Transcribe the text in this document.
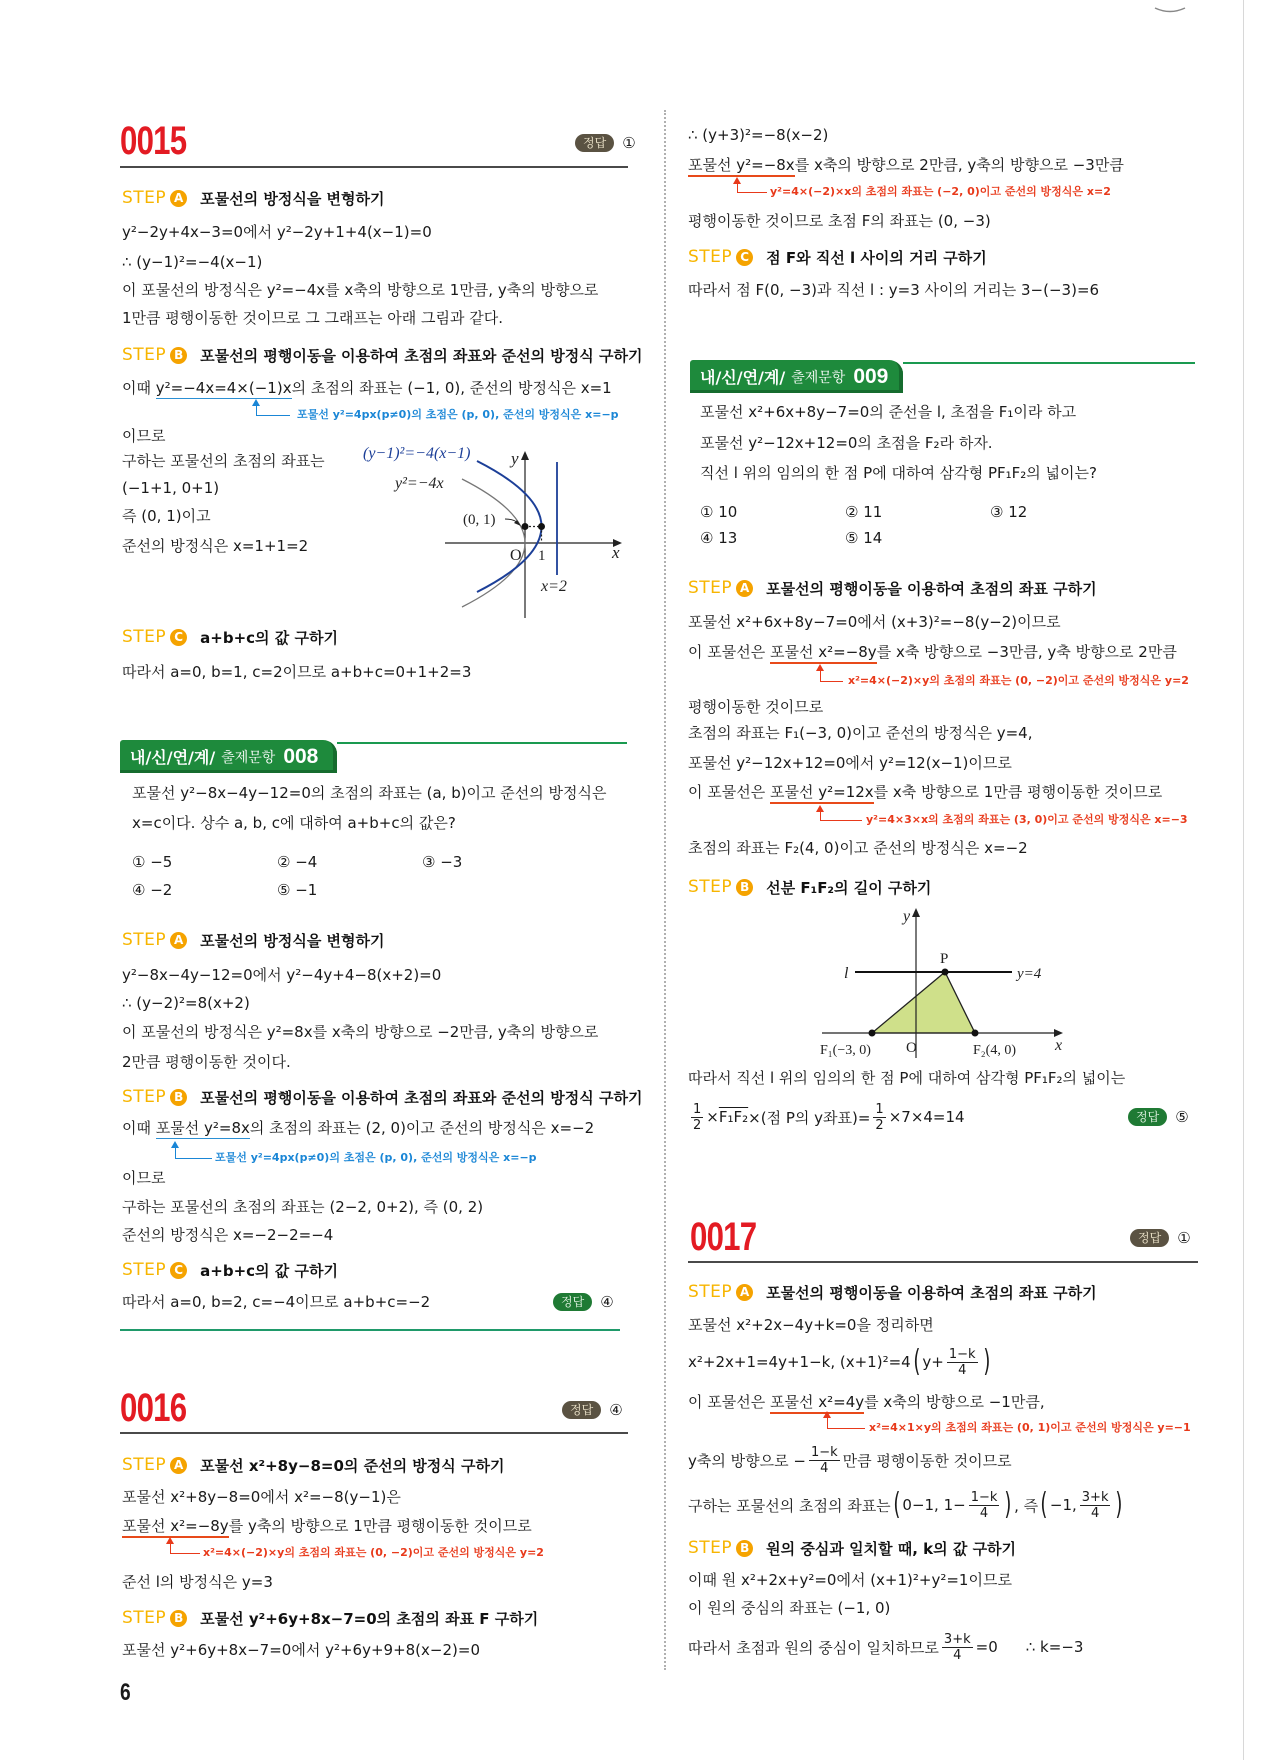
0015	정답	①
STEP A 포물선의 방정식을 변형하기
y²−2y+4x−3=0에서 y²−2y+1+4(x−1)=0
∴ (y−1)²=−4(x−1)
이 포물선의 방정식은 y²=−4x를 x축의 방향으로 1만큼, y축의 방향으로
1만큼 평행이동한 것이므로 그 그래프는 아래 그림과 같다.
STEP B 포물선의 평행이동을 이용하여 초점의 좌표와 준선의 방정식 구하기
이때 y²=−4x=4×(−1)x의 초점의 좌표는 (−1, 0), 준선의 방정식은 x=1
포물선 y²=4px(p≠0)의 초점은 (p, 0), 준선의 방정식은 x=−p
이므로
구하는 포물선의 초점의 좌표는
(−1+1, 0+1)
즉 (0, 1)이고
준선의 방정식은 x=1+1=2
(y−1)²=−4(x−1)
y²=−4x
(0, 1)
O 1	x
y
x=2
STEP C a+b+c의 값 구하기
따라서 a=0, b=1, c=2이므로 a+b+c=0+1+2=3
내/신/연/계/ 출제문항 008
포물선 y²−8x−4y−12=0의 초점의 좌표는 (a, b)이고 준선의 방정식은
x=c이다. 상수 a, b, c에 대하여 a+b+c의 값은?
① −5	② −4	③ −3
④ −2	⑤ −1
STEP A 포물선의 방정식을 변형하기
y²−8x−4y−12=0에서 y²−4y+4−8(x+2)=0
∴ (y−2)²=8(x+2)
이 포물선의 방정식은 y²=8x를 x축의 방향으로 −2만큼, y축의 방향으로
2만큼 평행이동한 것이다.
STEP B 포물선의 평행이동을 이용하여 초점의 좌표와 준선의 방정식 구하기
이때 포물선 y²=8x의 초점의 좌표는 (2, 0)이고 준선의 방정식은 x=−2
포물선 y²=4px(p≠0)의 초점은 (p, 0), 준선의 방정식은 x=−p
이므로
구하는 포물선의 초점의 좌표는 (2−2, 0+2), 즉 (0, 2)
준선의 방정식은 x=−2−2=−4
STEP C a+b+c의 값 구하기
따라서 a=0, b=2, c=−4이므로 a+b+c=−2	정답	④
0016	정답	④
STEP A 포물선 x²+8y−8=0의 준선의 방정식 구하기
포물선 x²+8y−8=0에서 x²=−8(y−1)은
포물선 x²=−8y를 y축의 방향으로 1만큼 평행이동한 것이므로
x²=4×(−2)×y의 초점의 좌표는 (0, −2)이고 준선의 방정식은 y=2
준선 l의 방정식은 y=3
STEP B 포물선 y²+6y+8x−7=0의 초점의 좌표 F 구하기
포물선 y²+6y+8x−7=0에서 y²+6y+9+8(x−2)=0
∴ (y+3)²=−8(x−2)
포물선 y²=−8x를 x축의 방향으로 2만큼, y축의 방향으로 −3만큼
y²=4×(−2)×x의 초점의 좌표는 (−2, 0)이고 준선의 방정식은 x=2
평행이동한 것이므로 초점 F의 좌표는 (0, −3)
STEP C 점 F와 직선 l 사이의 거리 구하기
따라서 점 F(0, −3)과 직선 l : y=3 사이의 거리는 3−(−3)=6
6
내/신/연/계/ 출제문항 009
포물선 x²+6x+8y−7=0의 준선을 l, 초점을 F₁이라 하고
포물선 y²−12x+12=0의 초점을 F₂라 하자.
직선 l 위의 임의의 한 점 P에 대하여 삼각형 PF₁F₂의 넓이는?
① 10	② 11	③ 12
④ 13	⑤ 14
STEP A 포물선의 평행이동을 이용하여 초점의 좌표 구하기
포물선 x²+6x+8y−7=0에서 (x+3)²=−8(y−2)이므로
이 포물선은 포물선 x²=−8y를 x축 방향으로 −3만큼, y축 방향으로 2만큼
x²=4×(−2)×y의 초점의 좌표는 (0, −2)이고 준선의 방정식은 y=2
평행이동한 것이므로
초점의 좌표는 F₁(−3, 0)이고 준선의 방정식은 y=4,
포물선 y²−12x+12=0에서 y²=12(x−1)이므로
이 포물선은 포물선 y²=12x를 x축 방향으로 1만큼 평행이동한 것이므로
y²=4×3×x의 초점의 좌표는 (3, 0)이고 준선의 방정식은 x=−3
초점의 좌표는 F₂(4, 0)이고 준선의 방정식은 x=−2
STEP B 선분 F₁F₂의 길이 구하기
l	y=4
P
F₁(−3, 0) O	F₂(4, 0) x
y
따라서 직선 l 위의 임의의 한 점 P에 대하여 삼각형 PF₁F₂의 넓이는
$\frac{1}{2} \times F_1F_2$ ×(점 P의 y좌표)= $\frac{1}{2} \times 7\times 4=14$	정답	⑤
0017	정답	①
STEP A 포물선의 평행이동을 이용하여 초점의 좌표 구하기
포물선 x²+2x−4y+k=0을 정리하면
x²+2x+1=4y+1−k, (x+1)²=4 ( $y+ \frac{1-k}{4}$ )
이 포물선은 포물선 x²=4y를 x축의 방향으로 −1만큼,
x²=4×1×y의 초점의 좌표는 (0, 1)이고 준선의 방정식은 y=−1
y축의 방향으로 − $\frac{1-k}{4}$ 만큼 평행이동한 것이므로
구하는 포물선의 초점의 좌표는 ( 0−1, $1- \frac{1-k}{4}$ ) , 즉 ( −1, $\frac{3+k}{4}$ )
STEP B 원의 중심과 일치할 때, k의 값 구하기
이때 원 x²+2x+y²=0에서 (x+1)²+y²=1이므로
이 원의 중심의 좌표는 (−1, 0)
따라서 초점과 원의 중심이 일치하므로 $\frac{3+k}{4} =0$ ∴ k=−3
